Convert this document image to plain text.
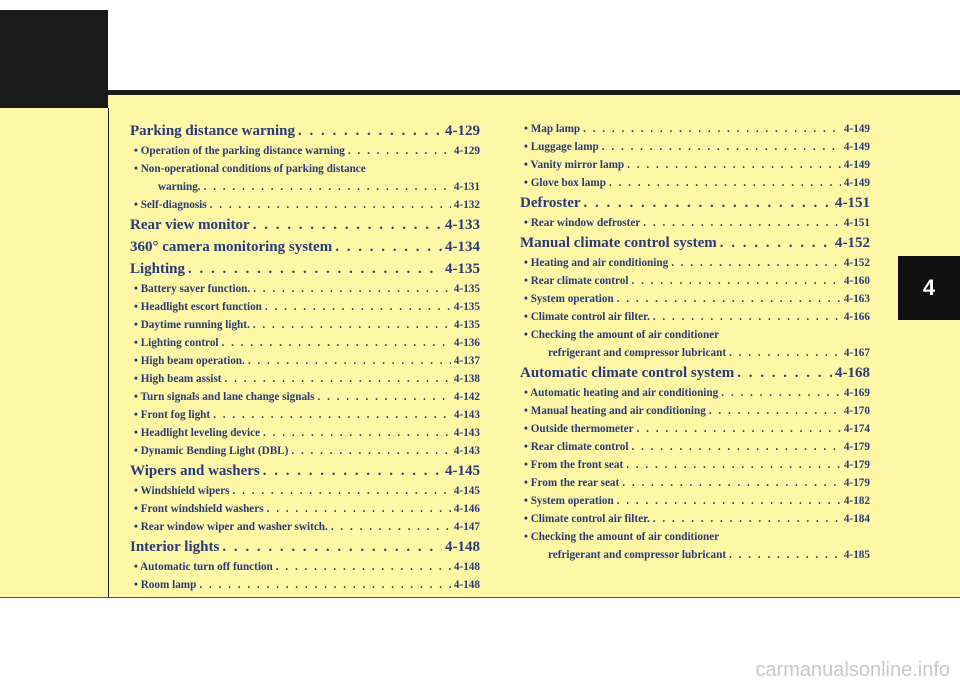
4
Parking distance warning . . .	4-129
• Operation of the parking distance warning . . .	4-129
• Non-operational conditions of parking distance
warning. . . .	4-131
• Self-diagnosis . . .	4-132
Rear view monitor . . .	4-133
360° camera monitoring system . . .	4-134
Lighting . . .	4-135
• Battery saver function. . . .	4-135
• Headlight escort function . . .	4-135
• Daytime running light. . . .	4-135
• Lighting control . . .	4-136
• High beam operation. . . .	4-137
• High beam assist . . .	4-138
• Turn signals and lane change signals . . .	4-142
• Front fog light . . .	4-143
• Headlight leveling device . . .	4-143
• Dynamic Bending Light (DBL) . . .	4-143
Wipers and washers . . .	4-145
• Windshield wipers . . .	4-145
• Front windshield washers . . .	4-146
• Rear window wiper and washer switch. . . .	4-147
Interior lights . . .	4-148
• Automatic turn off function . . .	4-148
• Room lamp . . .	4-148
• Map lamp . . .	4-149
• Luggage lamp . . .	4-149
• Vanity mirror lamp . . .	4-149
• Glove box lamp . . .	4-149
Defroster . . .	4-151
• Rear window defroster . . .	4-151
Manual climate control system . . .	4-152
• Heating and air conditioning . . .	4-152
• Rear climate control . . .	4-160
• System operation . . .	4-163
• Climate control air filter. . . .	4-166
• Checking the amount of air conditioner
refrigerant and compressor lubricant . . .	4-167
Automatic climate control system . . .	4-168
• Automatic heating and air conditioning . . .	4-169
• Manual heating and air conditioning . . .	4-170
• Outside thermometer . . .	4-174
• Rear climate control . . .	4-179
• From the front seat . . .	4-179
• From the rear seat . . .	4-179
• System operation . . .	4-182
• Climate control air filter. . . .	4-184
• Checking the amount of air conditioner
refrigerant and compressor lubricant . . .	4-185
carmanualsonline.info
